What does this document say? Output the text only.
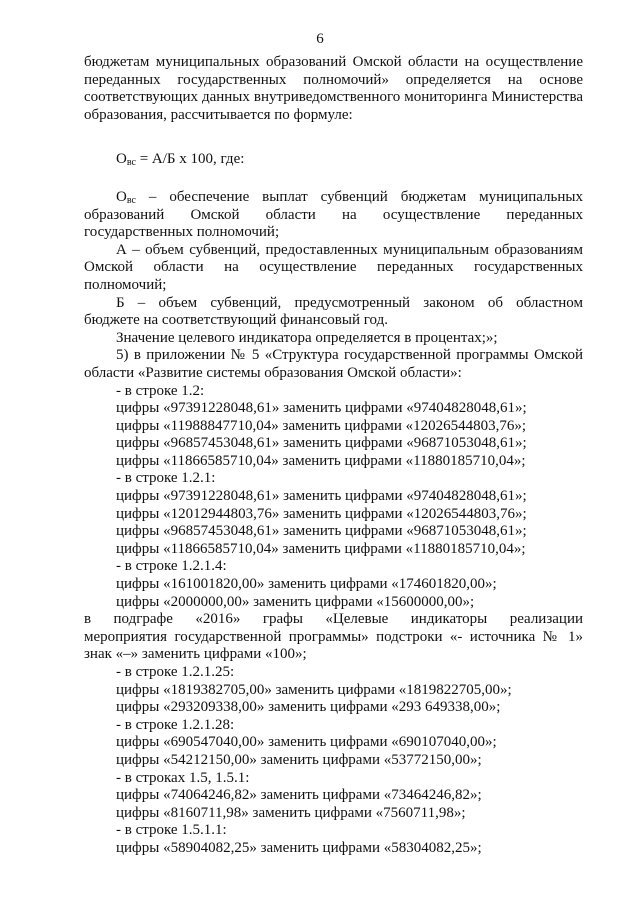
6
бюджетам муниципальных образований Омской области на осуществление
переданных государственных полномочий» определяется на основе
соответствующих данных внутриведомственного мониторинга Министерства
образования, рассчитывается по формуле:
$О_{вс} = А/Б$ х 100, где:
$О_{вс}$ – обеспечение выплат субвенций бюджетам муниципальных
образований Омской области на осуществление переданных
государственных полномочий;
А – объем субвенций, предоставленных муниципальным образованиям
Омской области на осуществление переданных государственных
полномочий;
Б – объем субвенций, предусмотренный законом об областном
бюджете на соответствующий финансовый год.
Значение целевого индикатора определяется в процентах;»;
5) в приложении № 5 «Структура государственной программы Омской
области «Развитие системы образования Омской области»:
- в строке 1.2:
цифры «97391228048,61» заменить цифрами «97404828048,61»;
цифры «11988847710,04» заменить цифрами «12026544803,76»;
цифры «96857453048,61» заменить цифрами «96871053048,61»;
цифры «11866585710,04» заменить цифрами «11880185710,04»;
- в строке 1.2.1:
цифры «97391228048,61» заменить цифрами «97404828048,61»;
цифры «12012944803,76» заменить цифрами «12026544803,76»;
цифры «96857453048,61» заменить цифрами «96871053048,61»;
цифры «11866585710,04» заменить цифрами «11880185710,04»;
- в строке 1.2.1.4:
цифры «161001820,00» заменить цифрами «174601820,00»;
цифры «2000000,00» заменить цифрами «15600000,00»;
в подграфе «2016» графы «Целевые индикаторы реализации
мероприятия государственной программы» подстроки «- источника № 1»
знак «–» заменить цифрами «100»;
- в строке 1.2.1.25:
цифры «1819382705,00» заменить цифрами «1819822705,00»;
цифры «293209338,00» заменить цифрами «293 649338,00»;
- в строке 1.2.1.28:
цифры «690547040,00» заменить цифрами «690107040,00»;
цифры «54212150,00» заменить цифрами «53772150,00»;
- в строках 1.5, 1.5.1:
цифры «74064246,82» заменить цифрами «73464246,82»;
цифры «8160711,98» заменить цифрами «7560711,98»;
- в строке 1.5.1.1:
цифры «58904082,25» заменить цифрами «58304082,25»;
